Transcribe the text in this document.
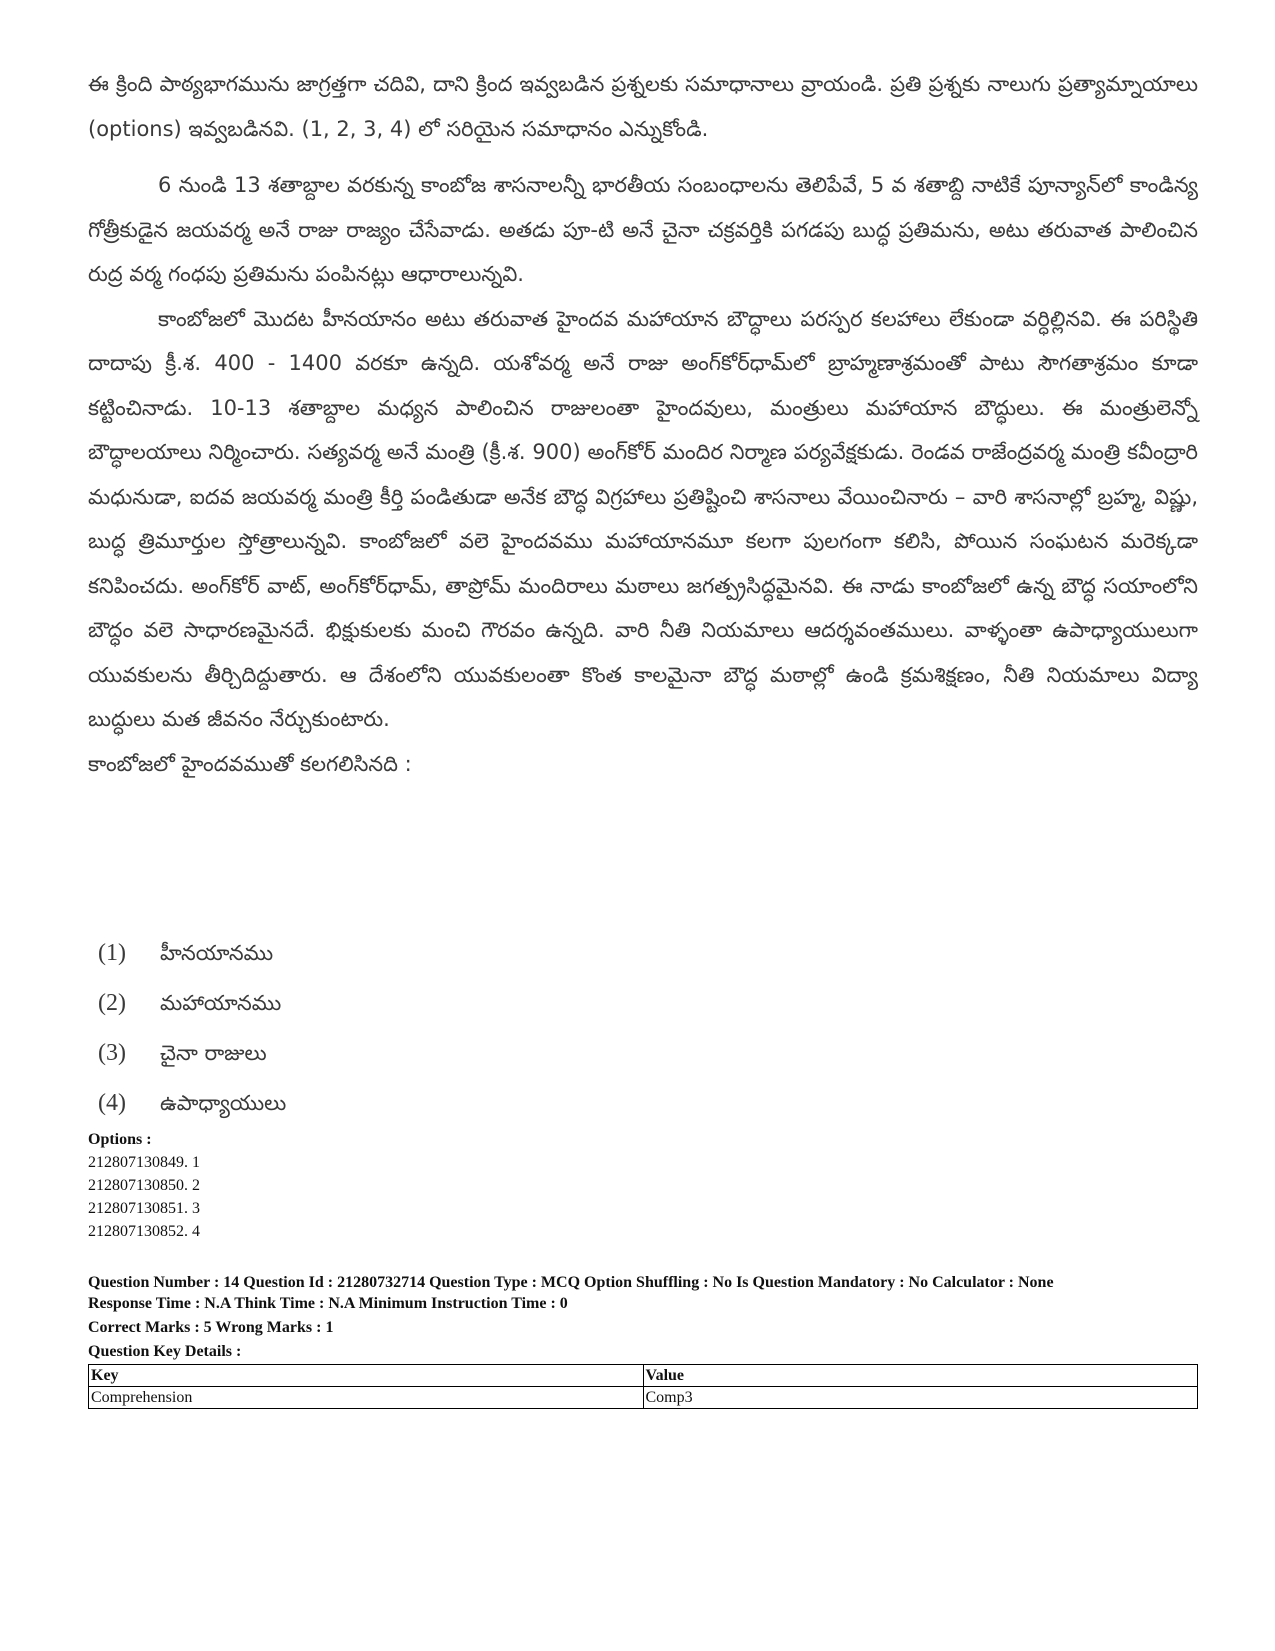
ఈ క్రింది పాఠ్యభాగమును జాగ్రత్తగా చదివి, దాని క్రింద ఇవ్వబడిన ప్రశ్నలకు సమాధానాలు వ్రాయండి. ప్రతి ప్రశ్నకు నాలుగు ప్రత్యామ్నాయాలు (options) ఇవ్వబడినవి. (1, 2, 3, 4) లో సరియైన సమాధానం ఎన్నుకోండి.

6 నుండి 13 శతాబ్దాల వరకున్న కాంబోజ శాసనాలన్నీ భారతీయ సంబంధాలను తెలిపేవే, 5 వ శతాబ్ది నాటికే పూన్యాన్‌లో కాండిన్య గోత్రీకుడైన జయవర్మ అనే రాజు రాజ్యం చేసేవాడు. అతడు పూ-టి అనే చైనా చక్రవర్తికి పగడపు బుద్ధ ప్రతిమను, అటు తరువాత పాలించిన రుద్ర వర్మ గంధపు ప్రతిమను పంపినట్లు ఆధారాలున్నవి.

కాంబోజలో మొదట హీనయానం అటు తరువాత హైందవ మహాయాన బౌద్ధాలు పరస్పర కలహాలు లేకుండా వర్ధిల్లినవి. ఈ పరిస్థితి దాదాపు క్రీ.శ. 400 - 1400 వరకూ ఉన్నది. యశోవర్మ అనే రాజు అంగ్‌కోర్‌ధామ్‌లో బ్రాహ్మణాశ్రమంతో పాటు సౌగతాశ్రమం కూడా కట్టించినాడు. 10-13 శతాబ్దాల మధ్యన పాలించిన రాజులంతా హైందవులు, మంత్రులు మహాయాన బౌద్ధులు. ఈ మంత్రులెన్నో బౌద్ధాలయాలు నిర్మించారు. సత్యవర్మ అనే మంత్రి (క్రీ.శ. 900) అంగ్‌కోర్ మందిర నిర్మాణ పర్యవేక్షకుడు. రెండవ రాజేంద్రవర్మ మంత్రి కవీంద్రారి మధునుడా, ఐదవ జయవర్మ మంత్రి కీర్తి పండితుడా అనేక బౌద్ధ విగ్రహాలు ప్రతిష్టించి శాసనాలు వేయించినారు – వారి శాసనాల్లో బ్రహ్మ, విష్ణు, బుద్ధ త్రిమూర్తుల స్తోత్రాలున్నవి. కాంబోజలో వలె హైందవము మహాయానమూ కలగా పులగంగా కలిసి, పోయిన సంఘటన మరెక్కడా కనిపించదు. అంగ్‌కోర్ వాట్, అంగ్‌కోర్‌ధామ్, తాప్రోమ్ మందిరాలు మఠాలు జగత్ప్రసిద్ధమైనవి. ఈ నాడు కాంబోజలో ఉన్న బౌద్ధ సయాంలోని బౌద్ధం వలె సాధారణమైనదే. భిక్షుకులకు మంచి గౌరవం ఉన్నది. వారి నీతి నియమాలు ఆదర్శవంతములు. వాళ్ళంతా ఉపాధ్యాయులుగా యువకులను తీర్చిదిద్దుతారు. ఆ దేశంలోని యువకులంతా కొంత కాలమైనా బౌద్ధ మఠాల్లో ఉండి క్రమశిక్షణం, నీతి నియమాలు విద్యా బుద్ధులు మత జీవనం నేర్చుకుంటారు.

కాంబోజలో హైందవముతో కలగలిసినది :

(1)	హీనయానము
(2)	మహాయానము
(3)	చైనా రాజులు
(4)	ఉపాధ్యాయులు
Options :
212807130849. 1
212807130850. 2
212807130851. 3
212807130852. 4
Question Number : 14 Question Id : 21280732714 Question Type : MCQ Option Shuffling : No Is Question Mandatory : No Calculator : None
Response Time : N.A Think Time : N.A Minimum Instruction Time : 0
Correct Marks : 5 Wrong Marks : 1
Question Key Details :
Key	Value
Comprehension	Comp3
